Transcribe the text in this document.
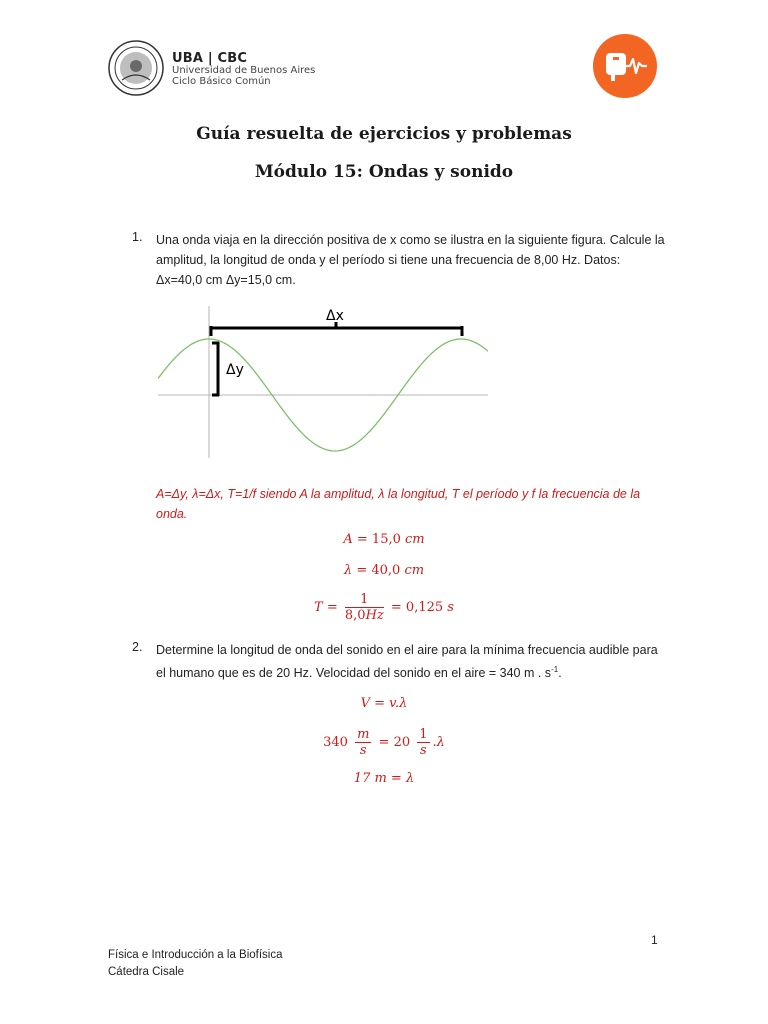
UBA | CBC
Universidad de Buenos Aires
Ciclo Básico Común
Guía resuelta de ejercicios y problemas
Módulo 15: Ondas y sonido
1. Una onda viaja en la dirección positiva de x como se ilustra en la siguiente figura. Calcule la amplitud, la longitud de onda y el período si tiene una frecuencia de 8,00 Hz. Datos: Δx=40,0 cm Δy=15,0 cm.
Δx
Δy
A=Δy, λ=Δx, T=1/f siendo A la amplitud, λ la longitud, T el período y f la frecuencia de la onda.
A = 15,0 cm
λ = 40,0 cm
$T = \frac{1}{8,0Hz} = 0,125$ s
2. Determine la longitud de onda del sonido en el aire para la mínima frecuencia audible para el humano que es de 20 Hz. Velocidad del sonido en el aire = 340 m . $s^{-1}$.
V = v.λ
$340 \frac{m}{s} = 20 \frac{1}{s} .\lambda$
17 m = λ
1
Física e Introducción a la Biofísica
Cátedra Cisale
